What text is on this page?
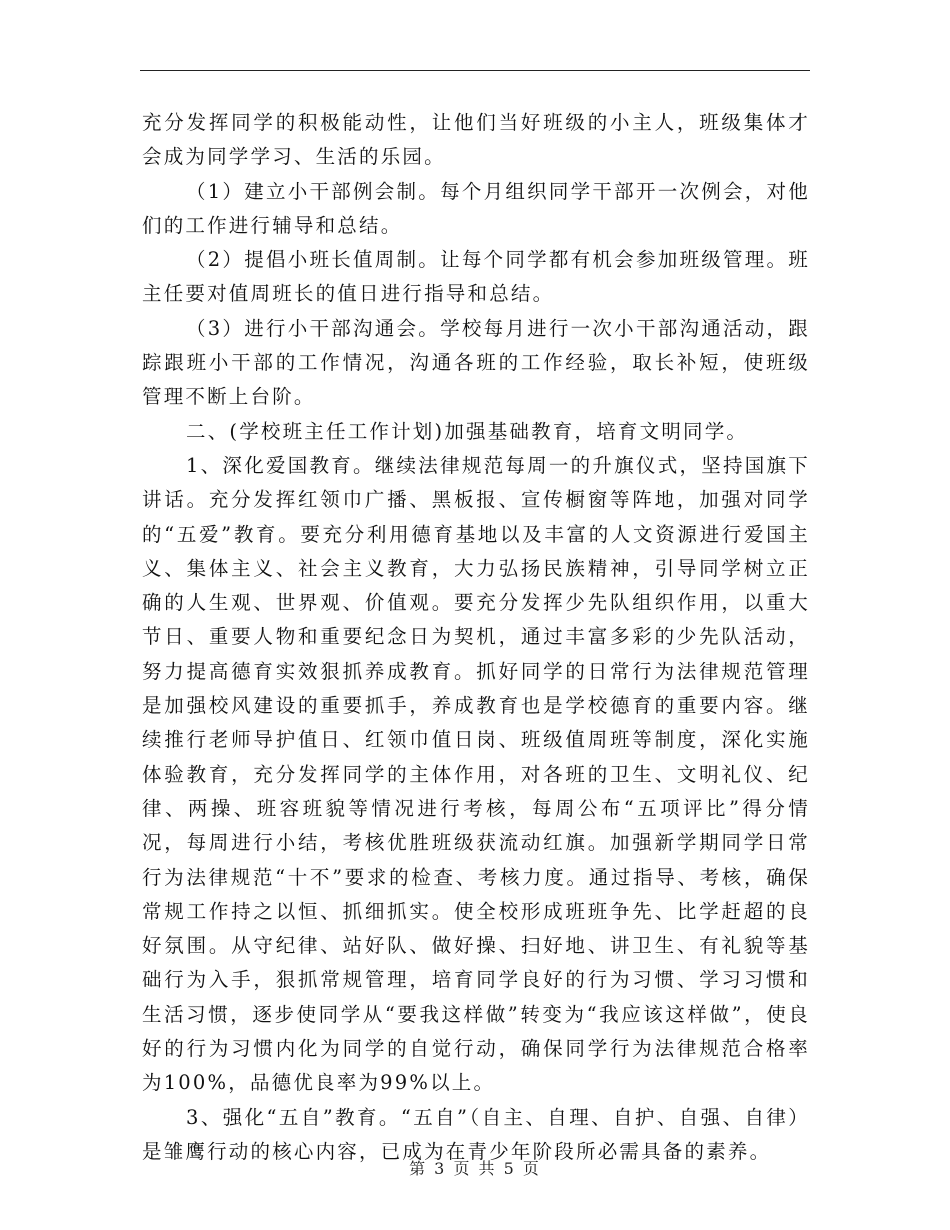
充分发挥同学的积极能动性，让他们当好班级的小主人，班级集体才会成为同学学习、生活的乐园。

（1）建立小干部例会制。每个月组织同学干部开一次例会，对他们的工作进行辅导和总结。

（2）提倡小班长值周制。让每个同学都有机会参加班级管理。班主任要对值周班长的值日进行指导和总结。

（3）进行小干部沟通会。学校每月进行一次小干部沟通活动，跟踪跟班小干部的工作情况，沟通各班的工作经验，取长补短，使班级管理不断上台阶。

二、(学校班主任工作计划)加强基础教育，培育文明同学。

1、深化爱国教育。继续法律规范每周一的升旗仪式，坚持国旗下讲话。充分发挥红领巾广播、黑板报、宣传橱窗等阵地，加强对同学的“五爱”教育。要充分利用德育基地以及丰富的人文资源进行爱国主义、集体主义、社会主义教育，大力弘扬民族精神，引导同学树立正确的人生观、世界观、价值观。要充分发挥少先队组织作用，以重大节日、重要人物和重要纪念日为契机，通过丰富多彩的少先队活动，努力提高德育实效狠抓养成教育。抓好同学的日常行为法律规范管理是加强校风建设的重要抓手，养成教育也是学校德育的重要内容。继续推行老师导护值日、红领巾值日岗、班级值周班等制度，深化实施体验教育，充分发挥同学的主体作用，对各班的卫生、文明礼仪、纪律、两操、班容班貌等情况进行考核，每周公布“五项评比”得分情况，每周进行小结，考核优胜班级获流动红旗。加强新学期同学日常行为法律规范“十不”要求的检查、考核力度。通过指导、考核，确保常规工作持之以恒、抓细抓实。使全校形成班班争先、比学赶超的良好氛围。从守纪律、站好队、做好操、扫好地、讲卫生、有礼貌等基础行为入手，狠抓常规管理，培育同学良好的行为习惯、学习习惯和生活习惯，逐步使同学从“要我这样做”转变为“我应该这样做”，使良好的行为习惯内化为同学的自觉行动，确保同学行为法律规范合格率为100%，品德优良率为99%以上。

3、强化“五自”教育。“五自”（自主、自理、自护、自强、自律）是雏鹰行动的核心内容，已成为在青少年阶段所必需具备的素养。

第 3 页 共 5 页
